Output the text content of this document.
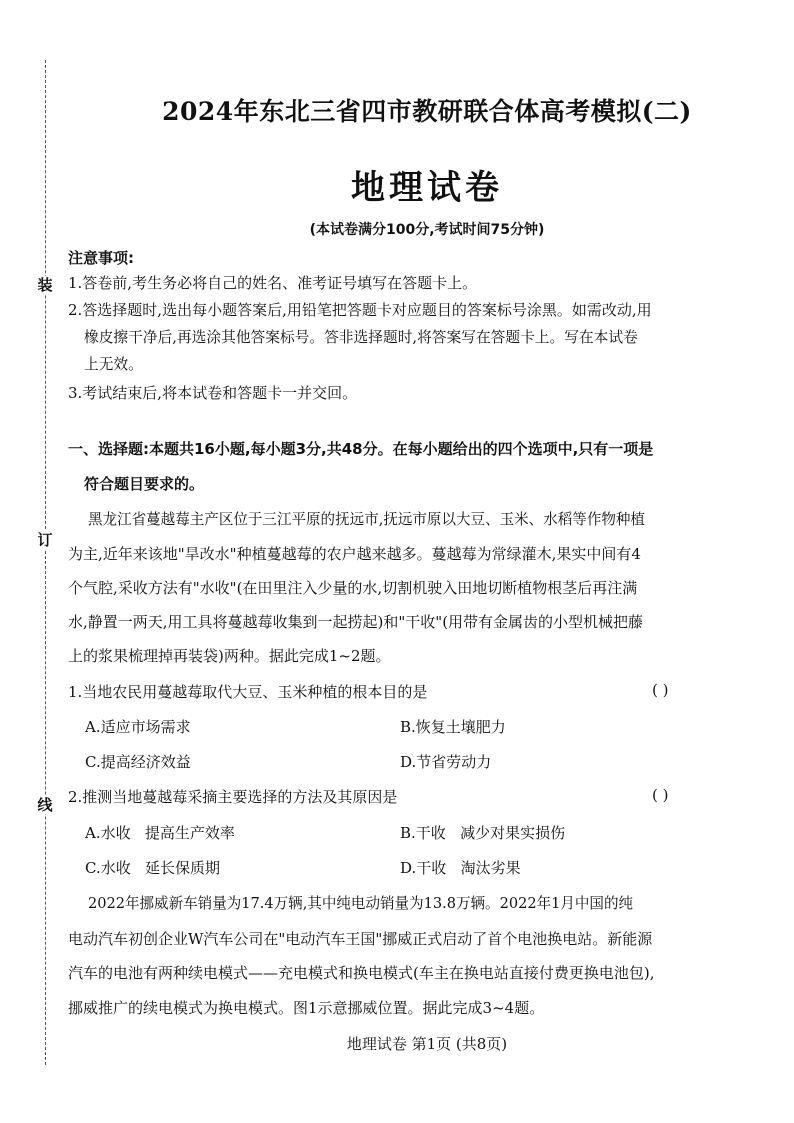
装
订
线
2024年东北三省四市教研联合体高考模拟(二)
地理试卷
(本试卷满分100分,考试时间75分钟)
注意事项:
1.答卷前,考生务必将自己的姓名、准考证号填写在答题卡上。
2.答选择题时,选出每小题答案后,用铅笔把答题卡对应题目的答案标号涂黑。如需改动,用
橡皮擦干净后,再选涂其他答案标号。答非选择题时,将答案写在答题卡上。写在本试卷
上无效。
3.考试结束后,将本试卷和答题卡一并交回。
一、选择题:本题共16小题,每小题3分,共48分。在每小题给出的四个选项中,只有一项是
符合题目要求的。
黑龙江省蔓越莓主产区位于三江平原的抚远市,抚远市原以大豆、玉米、水稻等作物种植
为主,近年来该地"旱改水"种植蔓越莓的农户越来越多。蔓越莓为常绿灌木,果实中间有4
个气腔,采收方法有"水收"(在田里注入少量的水,切割机驶入田地切断植物根茎后再注满
水,静置一两天,用工具将蔓越莓收集到一起捞起)和"干收"(用带有金属齿的小型机械把藤
上的浆果梳理掉再装袋)两种。据此完成1~2题。
1.当地农民用蔓越莓取代大豆、玉米种植的根本目的是	( )
A.适应市场需求	B.恢复土壤肥力
C.提高经济效益	D.节省劳动力
2.推测当地蔓越莓采摘主要选择的方法及其原因是	( )
A.水收   提高生产效率	B.干收   减少对果实损伤
C.水收   延长保质期	D.干收   淘汰劣果
2022年挪威新车销量为17.4万辆,其中纯电动销量为13.8万辆。2022年1月中国的纯
电动汽车初创企业W汽车公司在"电动汽车王国"挪威正式启动了首个电池换电站。新能源
汽车的电池有两种续电模式——充电模式和换电模式(车主在换电站直接付费更换电池包),
挪威推广的续电模式为换电模式。图1示意挪威位置。据此完成3~4题。
地理试卷 第1页 (共8页)
